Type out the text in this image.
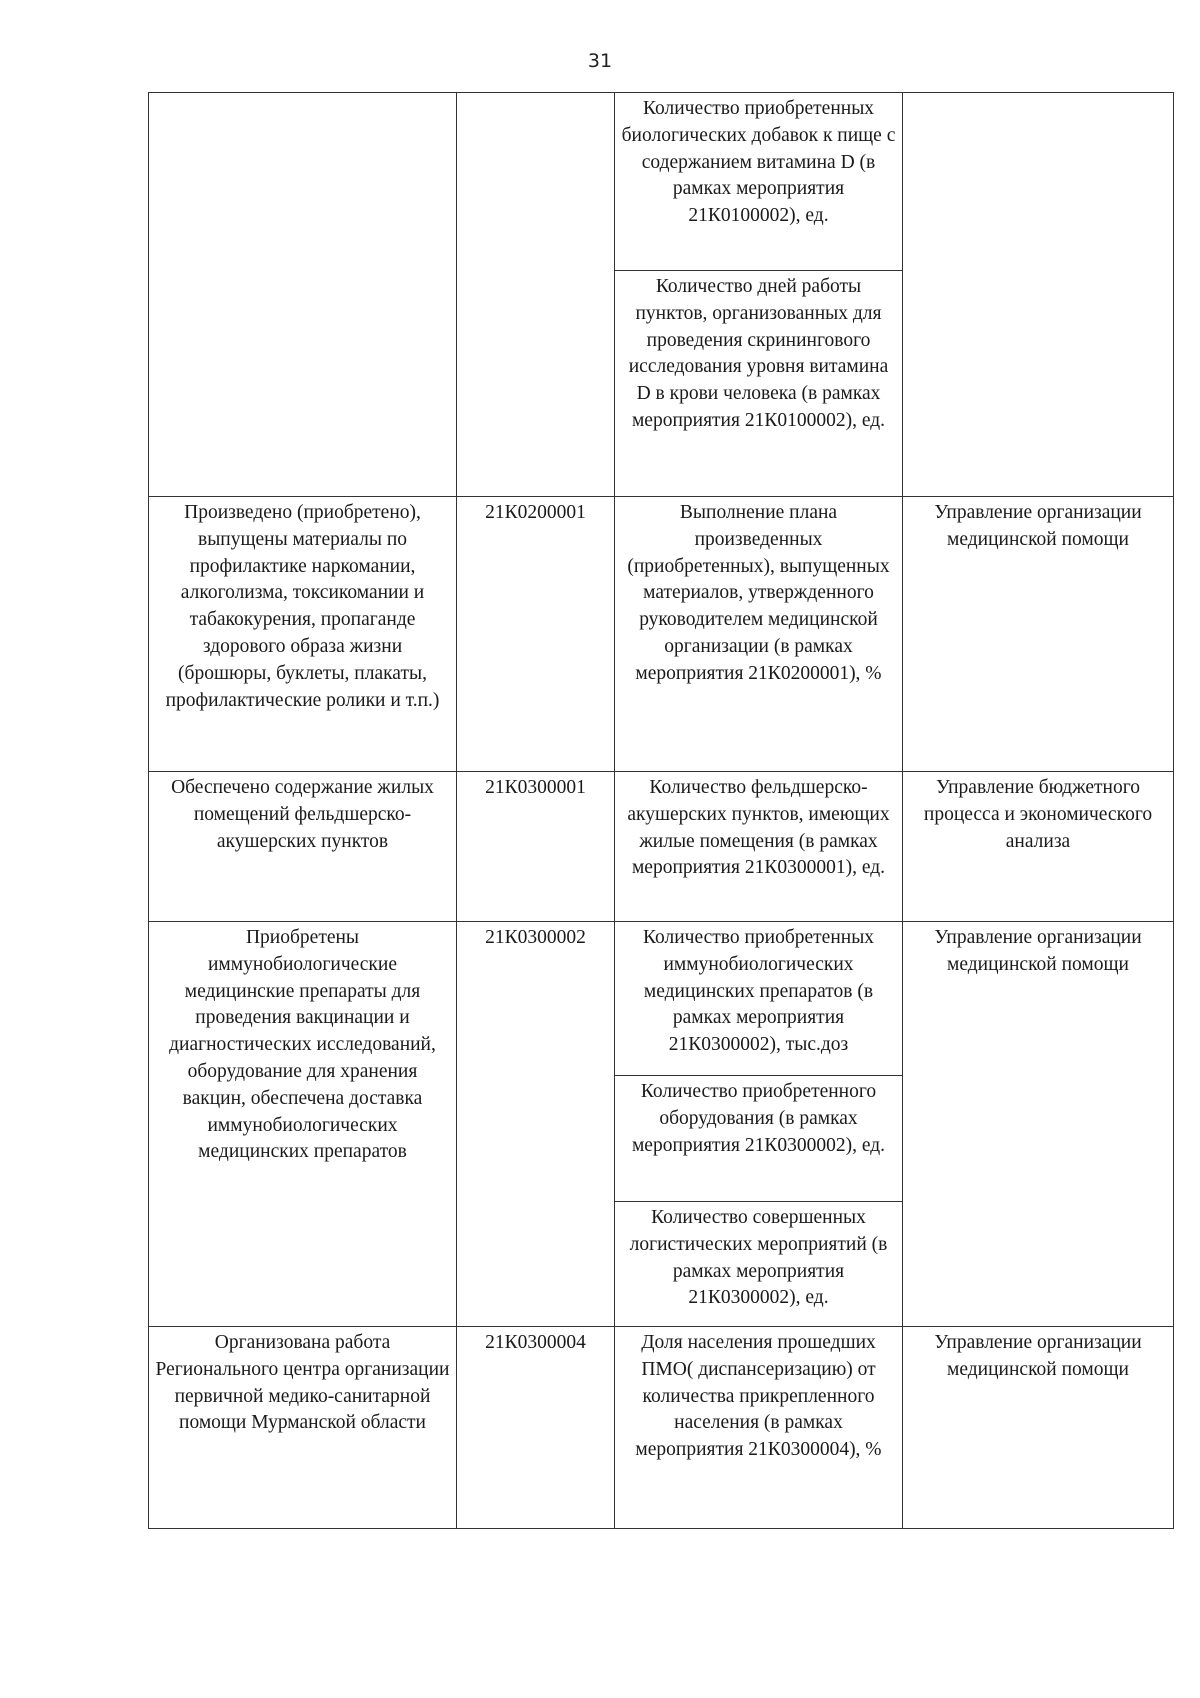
31
		Количество приобретенных биологических добавок к пище с содержанием витамина D (в рамках мероприятия 21К0100002), ед.	
		Количество дней работы пунктов, организованных для проведения скринингового исследования уровня витамина D в крови человека (в рамках мероприятия 21К0100002), ед.	
Произведено (приобретено), выпущены материалы по профилактике наркомании, алкоголизма, токсикомании и табакокурения, пропаганде здорового образа жизни (брошюры, буклеты, плакаты, профилактические ролики и т.п.)	21К0200001	Выполнение плана произведенных (приобретенных), выпущенных материалов, утвержденного руководителем медицинской организации (в рамках мероприятия 21К0200001), %	Управление организации медицинской помощи
Обеспечено содержание жилых помещений фельдшерско-акушерских пунктов	21К0300001	Количество фельдшерско-акушерских пунктов, имеющих жилые помещения (в рамках мероприятия 21К0300001), ед.	Управление бюджетного процесса и экономического анализа
Приобретены иммунобиологические медицинские препараты для проведения вакцинации и диагностических исследований, оборудование для хранения вакцин, обеспечена доставка иммунобиологических медицинских препаратов	21К0300002	Количество приобретенных иммунобиологических медицинских препаратов (в рамках мероприятия 21К0300002), тыс.доз	Управление организации медицинской помощи
		Количество приобретенного оборудования (в рамках мероприятия 21К0300002), ед.	
		Количество совершенных логистических мероприятий (в рамках мероприятия 21К0300002), ед.	
Организована работа Регионального центра организации первичной медико-санитарной помощи Мурманской области	21К0300004	Доля населения прошедших ПМО( диспансеризацию) от количества прикрепленного населения (в рамках мероприятия 21К0300004), %	Управление организации медицинской помощи
